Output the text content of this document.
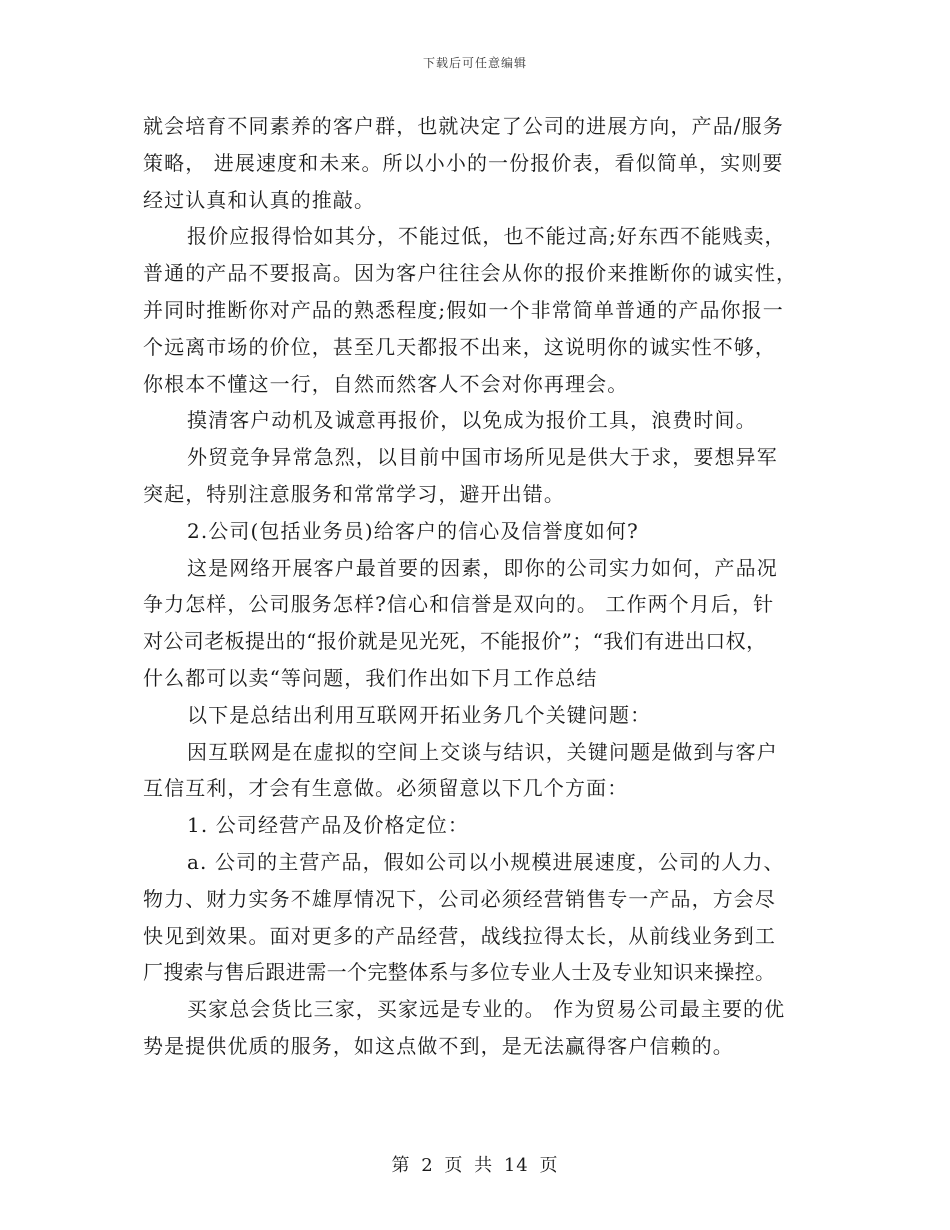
下载后可任意编辑
就会培育不同素养的客户群，也就决定了公司的进展方向，产品/服务
策略， 进展速度和未来。所以小小的一份报价表，看似简单，实则要
经过认真和认真的推敲。
报价应报得恰如其分，不能过低，也不能过高;好东西不能贱卖，
普通的产品不要报高。因为客户往往会从你的报价来推断你的诚实性，
并同时推断你对产品的熟悉程度;假如一个非常简单普通的产品你报一
个远离市场的价位，甚至几天都报不出来，这说明你的诚实性不够，
你根本不懂这一行，自然而然客人不会对你再理会。
摸清客户动机及诚意再报价，以免成为报价工具，浪费时间。
外贸竞争异常急烈，以目前中国市场所见是供大于求，要想异军
突起，特别注意服务和常常学习，避开出错。
2.公司(包括业务员)给客户的信心及信誉度如何?
这是网络开展客户最首要的因素，即你的公司实力如何，产品况
争力怎样，公司服务怎样?信心和信誉是双向的。 工作两个月后，针
对公司老板提出的“报价就是见光死，不能报价”；“我们有进出口权，
什么都可以卖“等问题，我们作出如下月工作总结
以下是总结出利用互联网开拓业务几个关键问题：
因互联网是在虚拟的空间上交谈与结识，关键问题是做到与客户
互信互利，才会有生意做。必须留意以下几个方面：
1. 公司经营产品及价格定位：
a. 公司的主营产品，假如公司以小规模进展速度，公司的人力、
物力、财力实务不雄厚情况下，公司必须经营销售专一产品，方会尽
快见到效果。面对更多的产品经营，战线拉得太长，从前线业务到工
厂搜索与售后跟进需一个完整体系与多位专业人士及专业知识来操控。
买家总会货比三家，买家远是专业的。 作为贸易公司最主要的优
势是提供优质的服务，如这点做不到，是无法赢得客户信赖的。
第 2 页 共 14 页
